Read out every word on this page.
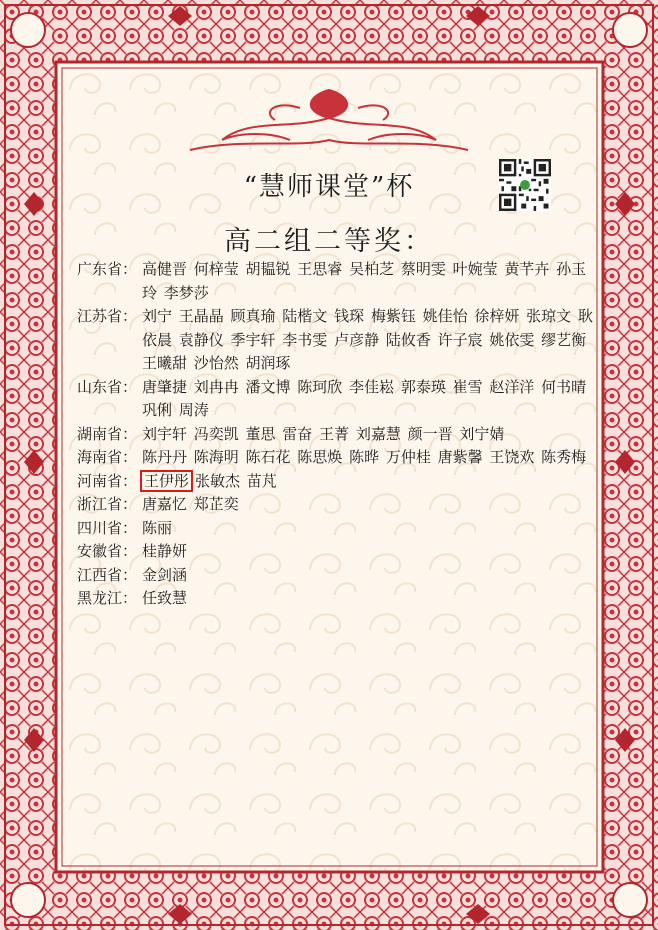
“慧师课堂”杯
高二组二等奖：
广东省： 高健晋 何梓莹 胡韫锐 王思睿 吴柏芝 蔡明雯 叶婉莹 黄芊卉 孙玉玲 李梦莎
江苏省： 刘宁 王晶晶 顾真瑜 陆楷文 钱琛 梅紫钰 姚佳怡 徐梓妍 张琼文 耿依晨 袁静仪 季宇轩 李书雯 卢彦静 陆攸香 许子宸 姚依雯 缪艺衡 王曦甜 沙怡然 胡润琢
山东省： 唐肇捷 刘冉冉 潘文博 陈珂欣 李佳崧 郭泰瑛 崔雪 赵洋洋 何书晴 巩俐 周涛
湖南省： 刘宇轩 冯奕凯 董思 雷奋 王菁 刘嘉慧 颜一晋 刘宁婧
海南省： 陈丹丹 陈海明 陈石花 陈思焕 陈晔 万仲桂 唐紫馨 王饶欢 陈秀梅
河南省： 王伊彤 张敏杰 苗芃
浙江省： 唐嘉忆 郑芷奕
四川省： 陈丽
安徽省： 桂静妍
江西省： 金剑涵
黑龙江： 任致慧
